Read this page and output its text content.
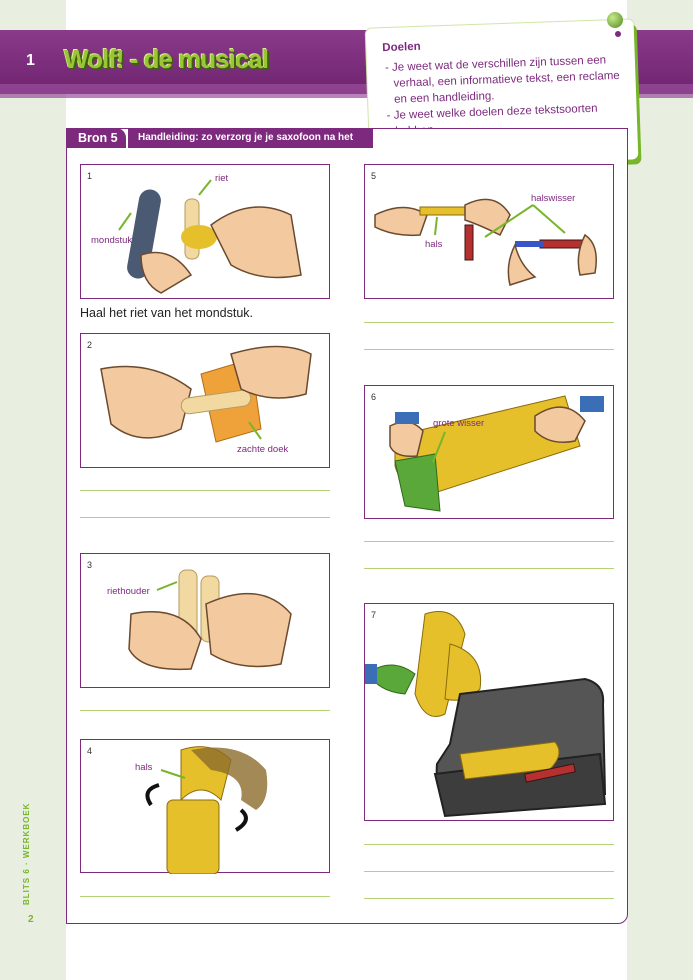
1 Wolf! - de musical	Doelen
- Je weet wat de verschillen zijn tussen een verhaal, een informatieve tekst, een reclame en een handleiding.
- Je weet welke doelen deze tekstsoorten
Bron 5	Handleiding: zo verzorg je je saxofoon na het spelen
1	riet
mondstuk
Haal het riet van het mondstuk.
2
zachte doek
3
riethouder
4
hals
5
halswisser
hals
6
grote wisser
7
BLITS 6 · WERKBOEK
2
